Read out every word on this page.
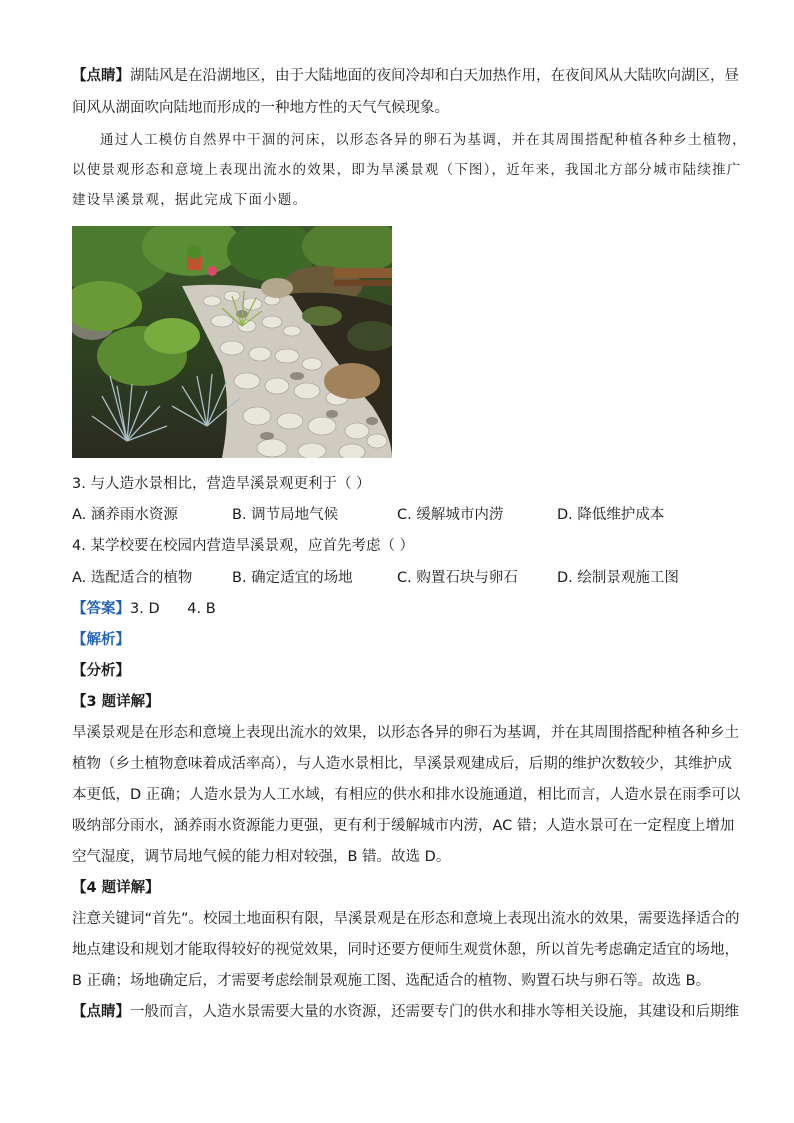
【点睛】湖陆风是在沿湖地区，由于大陆地面的夜间冷却和白天加热作用，在夜间风从大陆吹向湖区，昼
间风从湖面吹向陆地而形成的一种地方性的天气气候现象。
通过人工模仿自然界中干涸的河床，以形态各异的卵石为基调，并在其周围搭配种植各种乡土植物，
以使景观形态和意境上表现出流水的效果，即为旱溪景观（下图），近年来，我国北方部分城市陆续推广
建设旱溪景观，据此完成下面小题。
3. 与人造水景相比，营造旱溪景观更利于（ ）
A. 涵养雨水资源	B. 调节局地气候	C. 缓解城市内涝	D. 降低维护成本
4. 某学校要在校园内营造旱溪景观，应首先考虑（ ）
A. 选配适合的植物	B. 确定适宜的场地	C. 购置石块与卵石	D. 绘制景观施工图
【答案】3. D      4. B
【解析】
【分析】
【3 题详解】
旱溪景观是在形态和意境上表现出流水的效果，以形态各异的卵石为基调，并在其周围搭配种植各种乡土
植物（乡土植物意味着成活率高），与人造水景相比，旱溪景观建成后，后期的维护次数较少，其维护成
本更低，D 正确；人造水景为人工水域，有相应的供水和排水设施通道，相比而言，人造水景在雨季可以
吸纳部分雨水，涵养雨水资源能力更强，更有利于缓解城市内涝，AC 错；人造水景可在一定程度上增加
空气湿度，调节局地气候的能力相对较强，B 错。故选 D。
【4 题详解】
注意关键词“首先”。校园土地面积有限，旱溪景观是在形态和意境上表现出流水的效果，需要选择适合的
地点建设和规划才能取得较好的视觉效果，同时还要方便师生观赏休憩，所以首先考虑确定适宜的场地，
B 正确；场地确定后，才需要考虑绘制景观施工图、选配适合的植物、购置石块与卵石等。故选 B。
【点睛】一般而言，人造水景需要大量的水资源，还需要专门的供水和排水等相关设施，其建设和后期维
